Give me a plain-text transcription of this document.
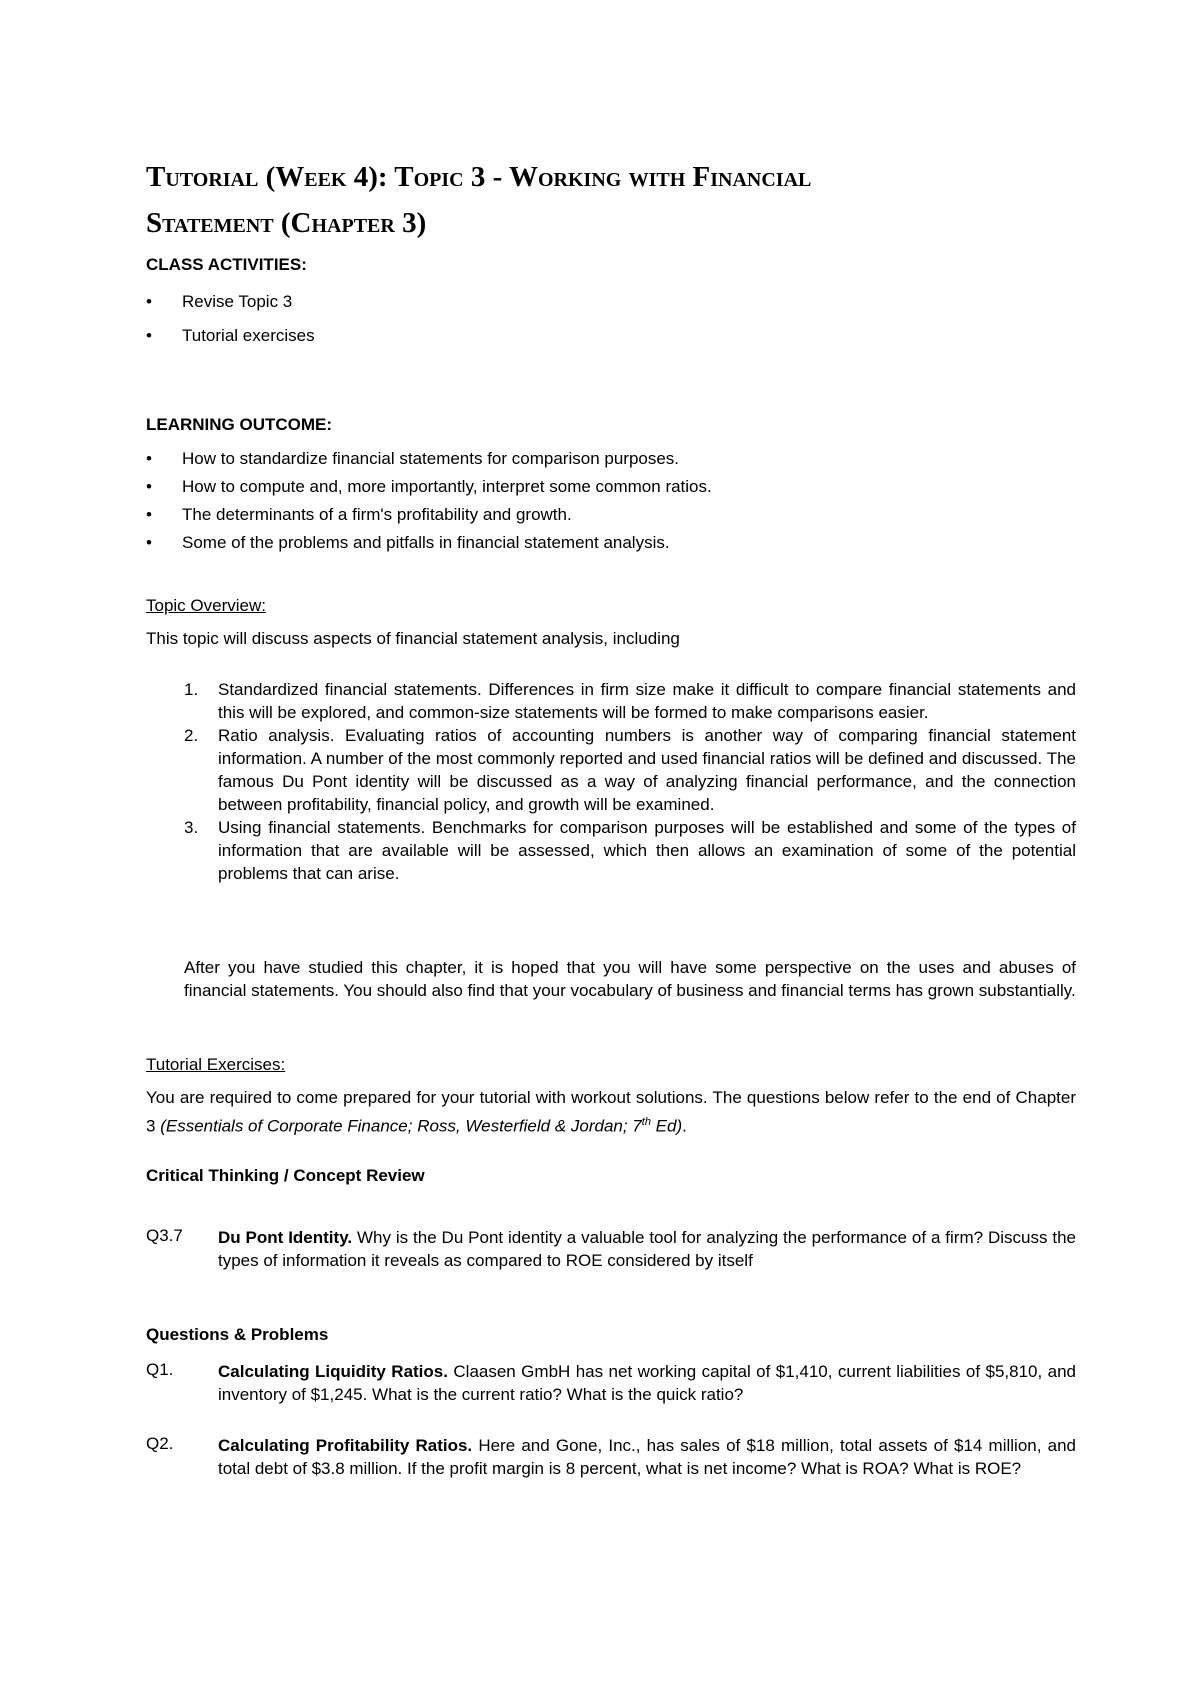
Tutorial (Week 4): Topic 3 - Working with Financial
Statement (Chapter 3)
CLASS ACTIVITIES:
• Revise Topic 3
• Tutorial exercises
LEARNING OUTCOME:
• How to standardize financial statements for comparison purposes.
• How to compute and, more importantly, interpret some common ratios.
• The determinants of a firm's profitability and growth.
• Some of the problems and pitfalls in financial statement analysis.

Topic Overview:

This topic will discuss aspects of financial statement analysis, including

1. Standardized financial statements. Differences in firm size make it difficult to compare financial statements and this will be explored, and common-size statements will be formed to make comparisons easier.
2. Ratio analysis. Evaluating ratios of accounting numbers is another way of comparing financial statement information. A number of the most commonly reported and used financial ratios will be defined and discussed. The famous Du Pont identity will be discussed as a way of analyzing financial performance, and the connection between profitability, financial policy, and growth will be examined.
3. Using financial statements. Benchmarks for comparison purposes will be established and some of the types of information that are available will be assessed, which then allows an examination of some of the potential problems that can arise.

After you have studied this chapter, it is hoped that you will have some perspective on the uses and abuses of financial statements. You should also find that your vocabulary of business and financial terms has grown substantially.

Tutorial Exercises:

You are required to come prepared for your tutorial with workout solutions. The questions below refer to the end of Chapter 3 (Essentials of Corporate Finance; Ross, Westerfield & Jordan; 7th Ed).

Critical Thinking / Concept Review
Q3.7 Du Pont Identity. Why is the Du Pont identity a valuable tool for analyzing the performance of a firm? Discuss the types of information it reveals as compared to ROE considered by itself
Questions & Problems
Q1.	Calculating Liquidity Ratios. Claasen GmbH has net working capital of $1,410, current liabilities of $5,810, and inventory of $1,245. What is the current ratio? What is the quick ratio?
Q2.	Calculating Profitability Ratios. Here and Gone, Inc., has sales of $18 million, total assets of $14 million, and total debt of $3.8 million. If the profit margin is 8 percent, what is net income? What is ROA? What is ROE?
